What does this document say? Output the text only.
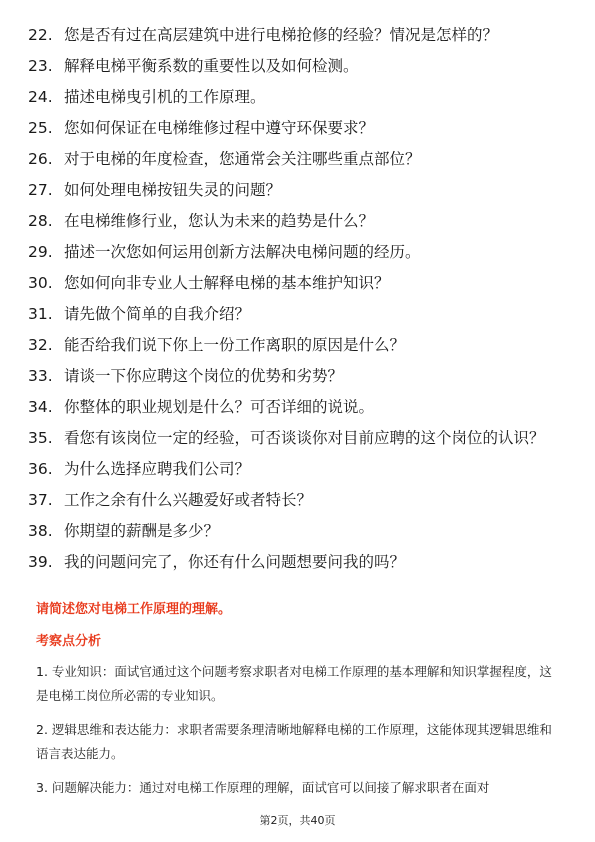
22. 您是否有过在高层建筑中进行电梯抢修的经验？情况是怎样的？
23. 解释电梯平衡系数的重要性以及如何检测。
24. 描述电梯曳引机的工作原理。
25. 您如何保证在电梯维修过程中遵守环保要求？
26. 对于电梯的年度检查，您通常会关注哪些重点部位？
27. 如何处理电梯按钮失灵的问题？
28. 在电梯维修行业，您认为未来的趋势是什么？
29. 描述一次您如何运用创新方法解决电梯问题的经历。
30. 您如何向非专业人士解释电梯的基本维护知识？
31. 请先做个简单的自我介绍？
32. 能否给我们说下你上一份工作离职的原因是什么？
33. 请谈一下你应聘这个岗位的优势和劣势？
34. 你整体的职业规划是什么？可否详细的说说。
35. 看您有该岗位一定的经验，可否谈谈你对目前应聘的这个岗位的认识？
36. 为什么选择应聘我们公司？
37. 工作之余有什么兴趣爱好或者特长？
38. 你期望的薪酬是多少？
39. 我的问题问完了，你还有什么问题想要问我的吗？
请简述您对电梯工作原理的理解。
考察点分析
1. 专业知识：面试官通过这个问题考察求职者对电梯工作原理的基本理解和知识掌握程度，这是电梯工岗位所必需的专业知识。
2. 逻辑思维和表达能力：求职者需要条理清晰地解释电梯的工作原理，这能体现其逻辑思维和语言表达能力。
3. 问题解决能力：通过对电梯工作原理的理解，面试官可以间接了解求职者在面对
第2页，共40页
